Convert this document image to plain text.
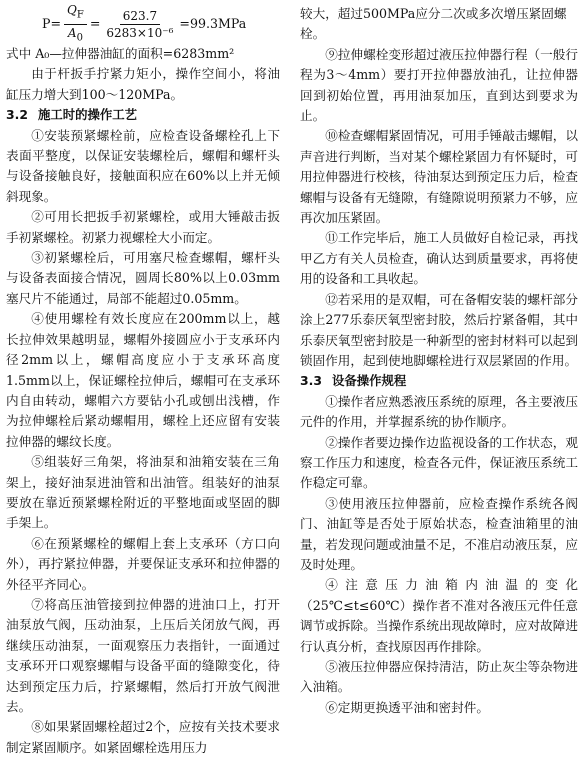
$P= \frac{Q_F}{A_0} = \frac{623.7}{\text{6283×10⁻⁶}} =99.3MPa$

式中 A₀—拉伸器油缸的面积=6283mm²

由于杆扳手拧紧力矩小，操作空间小，将油缸压力增大到100～120MPa。

3.2 施工时的操作工艺

①安装预紧螺栓前，应检查设备螺栓孔上下表面平整度，以保证安装螺栓后，螺帽和螺杆头与设备接触良好，接触面积应在60%以上并无倾斜现象。

②可用长把扳手初紧螺栓，或用大锤敲击扳手初紧螺栓。初紧力视螺栓大小而定。

③初紧螺栓后，可用塞尺检查螺帽，螺杆头与设备表面接合情况，圆周长80%以上0.03mm塞尺片不能通过，局部不能超过0.05mm。

④使用螺栓有效长度应在200mm以上，越长拉伸效果越明显，螺帽外接圆应小于支承环内径2mm以上，螺帽高度应小于支承环高度1.5mm以上，保证螺栓拉伸后，螺帽可在支承环内自由转动，螺帽六方要钻小孔或刨出浅槽，作为拉伸螺栓后紧动螺帽用，螺栓上还应留有安装拉伸器的螺纹长度。

⑤组装好三角架，将油泵和油箱安装在三角架上，接好油泵进油管和出油管。组装好的油泵要放在靠近预紧螺栓附近的平整地面或坚固的脚手架上。

⑥在预紧螺栓的螺帽上套上支承环（方口向外），再拧紧拉伸器，并要保证支承环和拉伸器的外径平齐同心。

⑦将高压油管接到拉伸器的进油口上，打开油泵放气阀，压动油泵，上压后关闭放气阀，再继续压动油泵，一面观察压力表指针，一面通过支承环开口观察螺帽与设备平面的缝隙变化，待达到预定压力后，拧紧螺帽，然后打开放气阀泄去。

⑧如果紧固螺栓超过2个，应按有关技术要求制定紧固顺序。如紧固螺栓选用压力

较大，超过500MPa应分二次或多次增压紧固螺栓。

⑨拉伸螺栓变形超过液压拉伸器行程（一般行程为3～4mm）要打开拉伸器放油孔，让拉伸器回到初始位置，再用油泵加压，直到达到要求为止。

⑩检查螺帽紧固情况，可用手锤敲击螺帽，以声音进行判断，当对某个螺栓紧固力有怀疑时，可用拉伸器进行校核，待油泵达到预定压力后，检查螺帽与设备有无缝隙，有缝隙说明预紧力不够，应再次加压紧固。

⑪工作完毕后，施工人员做好自检记录，再找甲乙方有关人员检查，确认达到质量要求，再将使用的设备和工具收起。

⑫若采用的是双帽，可在备帽安装的螺杆部分涂上277乐泰厌氧型密封胶，然后拧紧备帽，其中乐泰厌氧型密封胶是一种新型的密封材料可以起到锁固作用，起到使地脚螺栓进行双层紧固的作用。

3.3 设备操作规程

①操作者应熟悉液压系统的原理，各主要液压元件的作用，并掌握系统的协作顺序。

②操作者要边操作边监视设备的工作状态，观察工作压力和速度，检查各元件，保证液压系统工作稳定可靠。

③使用液压拉伸器前，应检查操作系统各阀门、油缸等是否处于原始状态，检查油箱里的油量，若发现问题或油量不足，不准启动液压泵，应及时处理。

④注意压力油箱内油温的变化（25℃≤t≤60℃）操作者不准对各液压元件任意调节或拆除。当操作系统出现故障时，应对故障进行认真分析，查找原因再作排除。

⑤液压拉伸器应保持清洁，防止灰尘等杂物进入油箱。

⑥定期更换透平油和密封件。
